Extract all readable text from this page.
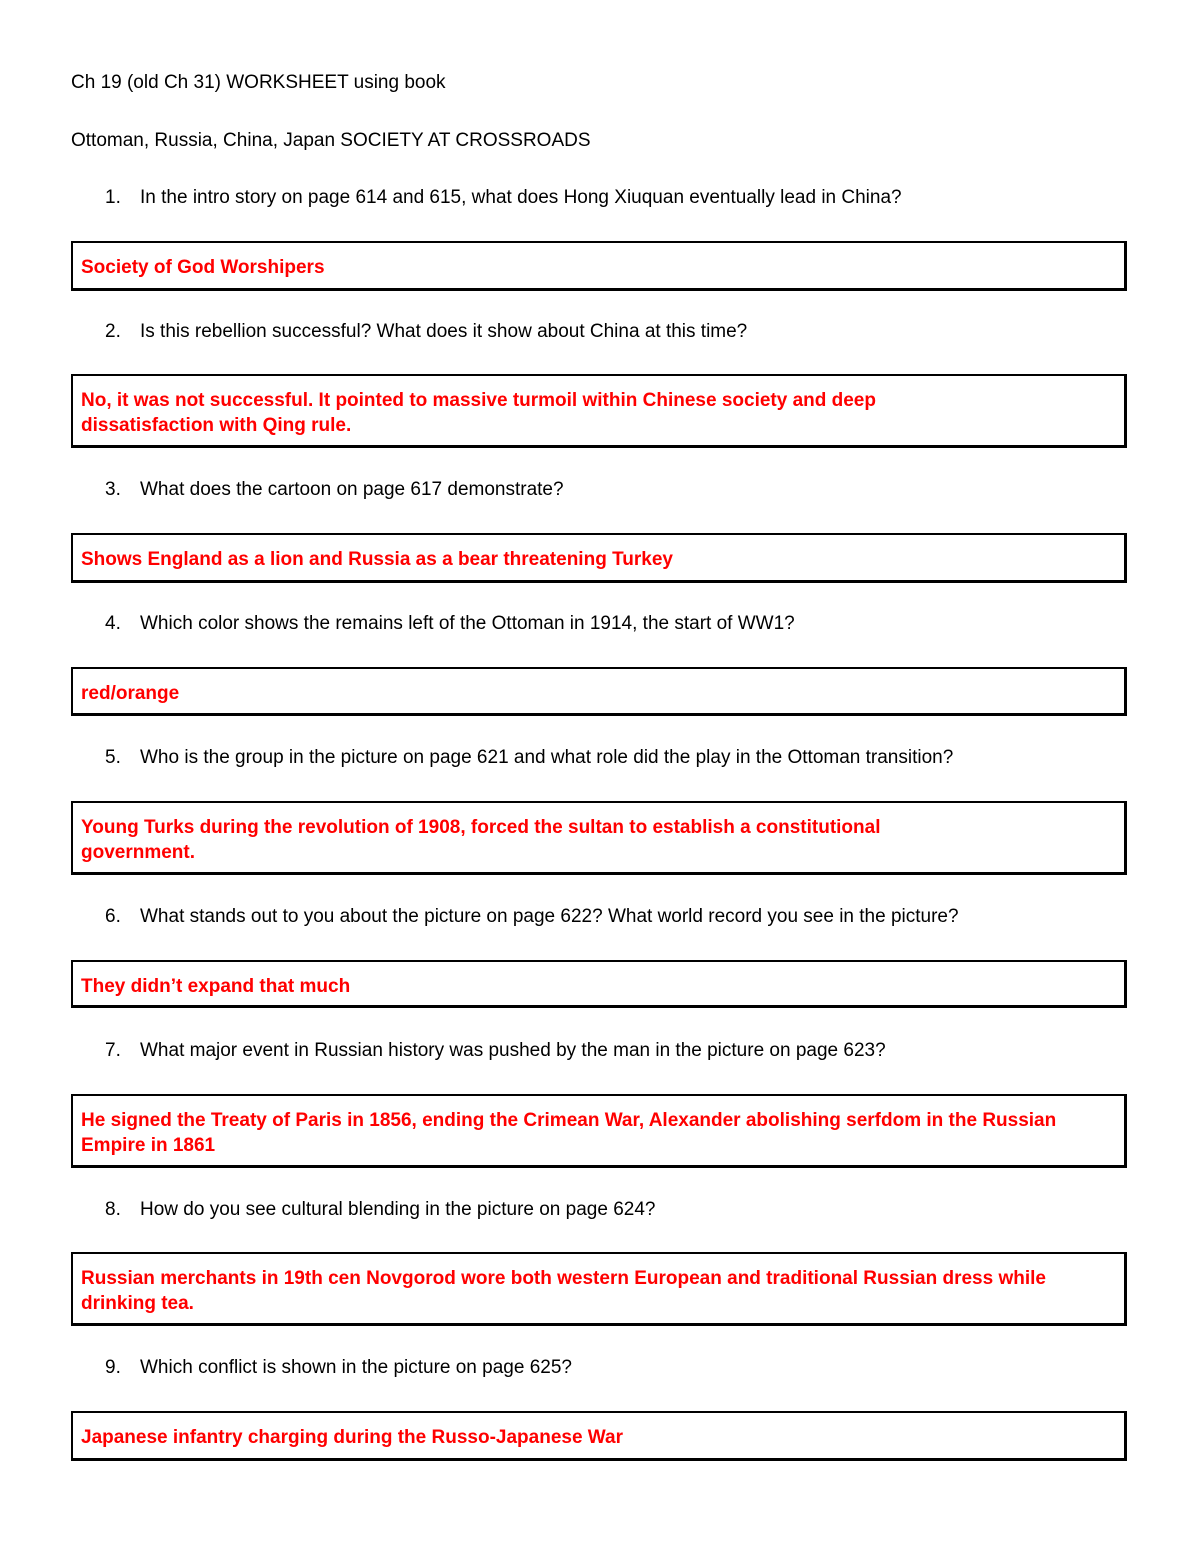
Ch 19 (old Ch 31) WORKSHEET using book
Ottoman, Russia, China, Japan SOCIETY AT CROSSROADS
1. In the intro story on page 614 and 615, what does Hong Xiuquan eventually lead in China?
Society of God Worshipers
2. Is this rebellion successful? What does it show about China at this time?
No, it was not successful. It pointed to massive turmoil within Chinese society and deep dissatisfaction with Qing rule.
3. What does the cartoon on page 617 demonstrate?
Shows England as a lion and Russia as a bear threatening Turkey
4. Which color shows the remains left of the Ottoman in 1914, the start of WW1?
red/orange
5. Who is the group in the picture on page 621 and what role did the play in the Ottoman transition?
Young Turks during the revolution of 1908, forced the sultan to establish a constitutional government.
6. What stands out to you about the picture on page 622? What world record you see in the picture?
They didn’t expand that much
7. What major event in Russian history was pushed by the man in the picture on page 623?
He signed the Treaty of Paris in 1856, ending the Crimean War, Alexander abolishing serfdom in the Russian Empire in 1861
8. How do you see cultural blending in the picture on page 624?
Russian merchants in 19th cen Novgorod wore both western European and traditional Russian dress while drinking tea.
9. Which conflict is shown in the picture on page 625?
Japanese infantry charging during the Russo-Japanese War
